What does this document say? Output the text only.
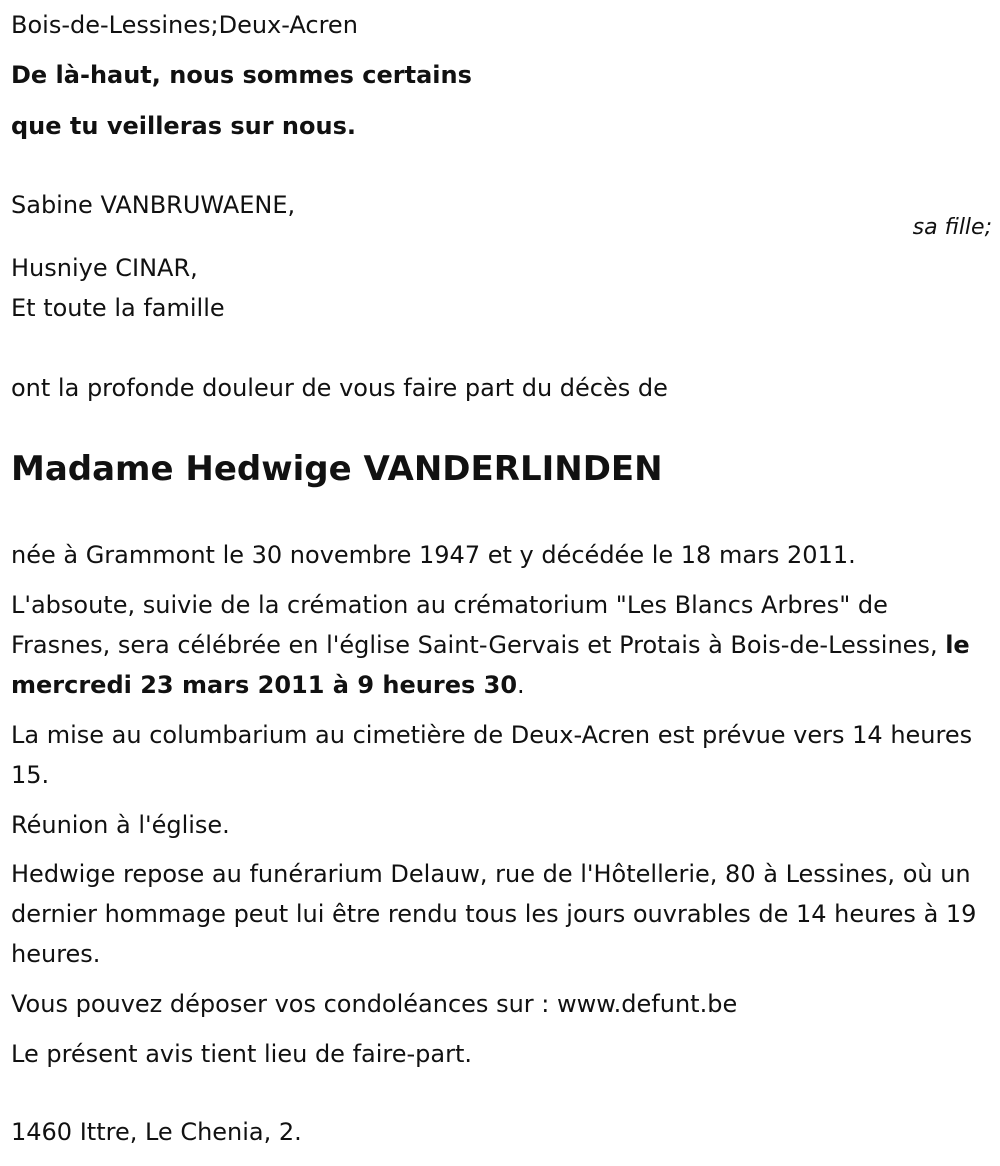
Bois-de-Lessines;Deux-Acren
De là-haut, nous sommes certains
que tu veilleras sur nous.
Sabine VANBRUWAENE,
sa fille;
Husniye CINAR,
Et toute la famille
ont la profonde douleur de vous faire part du décès de
Madame Hedwige VANDERLINDEN
née à Grammont le 30 novembre 1947 et y décédée le 18 mars 2011.
L'absoute, suivie de la crémation au crématorium "Les Blancs Arbres" de Frasnes, sera célébrée en l'église Saint-Gervais et Protais à Bois-de-Lessines, le mercredi 23 mars 2011 à 9 heures 30.
La mise au columbarium au cimetière de Deux-Acren est prévue vers 14 heures 15.
Réunion à l'église.
Hedwige repose au funérarium Delauw, rue de l'Hôtellerie, 80 à Lessines, où un dernier hommage peut lui être rendu tous les jours ouvrables de 14 heures à 19 heures.
Vous pouvez déposer vos condoléances sur : www.defunt.be
Le présent avis tient lieu de faire-part.
1460 Ittre, Le Chenia, 2.
